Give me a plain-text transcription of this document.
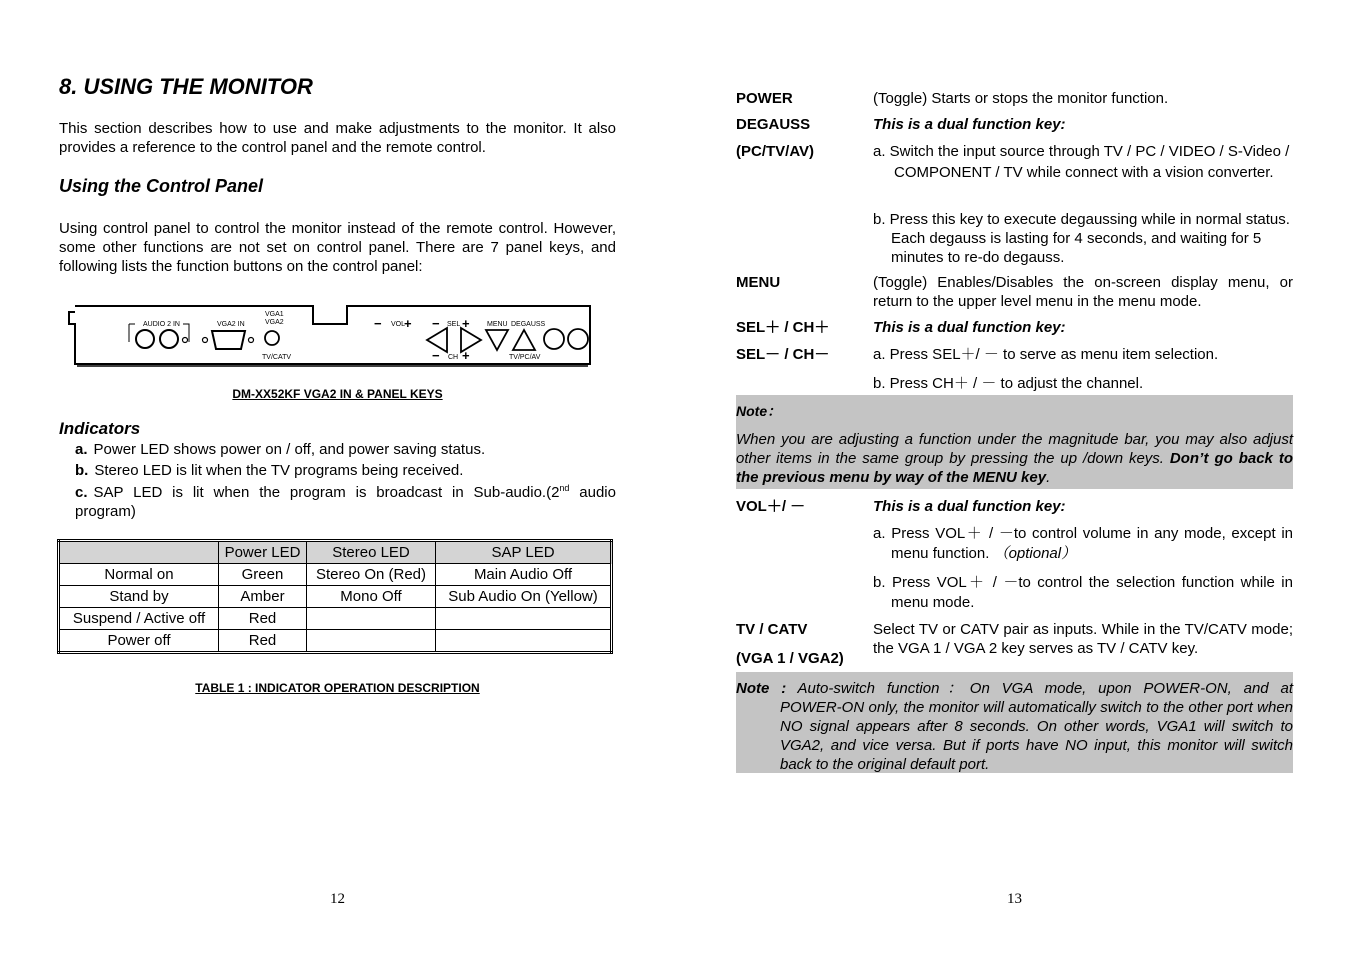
8. USING THE MONITOR

This section describes how to use and make adjustments to the monitor. It also provides a reference to the control panel and the remote control.

Using the Control Panel

Using control panel to control the monitor instead of the remote control. However, some other functions are not set on control panel. There are 7 panel keys, and following lists the function buttons on the control panel:

AUDIO 2 IN	VGA2 IN
VGA1
VGA2
TV/CATV
− VOL
+ − SEL +
− CH +
MENU DEGAUSS
TV/PC/AV
DM-XX52KF VGA2 IN & PANEL KEYS
Indicators
a. Power LED shows power on / off, and power saving status.
b. Stereo LED is lit when the TV programs being received.
c. SAP LED is lit when the program is broadcast in Sub-audio.(2nd audio program)
	Power LED	Stereo LED	SAP LED
Normal on	Green	Stereo On (Red)	Main Audio Off
Stand by	Amber	Mono Off	Sub Audio On (Yellow)
Suspend / Active off	Red		
Power off	Red		
TABLE 1 : INDICATOR OPERATION DESCRIPTION
12
POWER	(Toggle) Starts or stops the monitor function.
DEGAUSS	This is a dual function key:
(PC/TV/AV)	a. Switch the input source through TV / PC / VIDEO / S-Video / COMPONENT / TV while connect with a vision converter.
b. Press this key to execute degaussing while in normal status. Each degauss is lasting for 4 seconds, and waiting for 5 minutes to re-do degauss.
MENU	(Toggle) Enables/Disables the on-screen display menu, or return to the upper level menu in the menu mode.
SEL＋ / CH＋	This is a dual function key:
SEL－ / CH－	a. Press SEL＋/ － to serve as menu item selection.
b. Press CH＋ / － to adjust the channel.
Note：
When you are adjusting a function under the magnitude bar, you may also adjust other items in the same group by pressing the up /down keys. Don’t go back to the previous menu by way of the MENU key.
VOL＋/ －	This is a dual function key:
a. Press VOL＋ / －to control volume in any mode, except in menu function. （optional）
b. Press VOL＋ / －to control the selection function while in menu mode.
TV / CATV	Select TV or CATV pair as inputs. While in the TV/CATV mode; the VGA 1 / VGA 2 key serves as TV / CATV key.
(VGA 1 / VGA2)
Note : Auto-switch function：On VGA mode, upon POWER-ON, and at
POWER-ON only, the monitor will automatically switch to the other port when NO signal appears after 8 seconds. On other words, VGA1 will switch to VGA2, and vice versa. But if ports have NO input, this monitor will switch back to the original default port.
13
